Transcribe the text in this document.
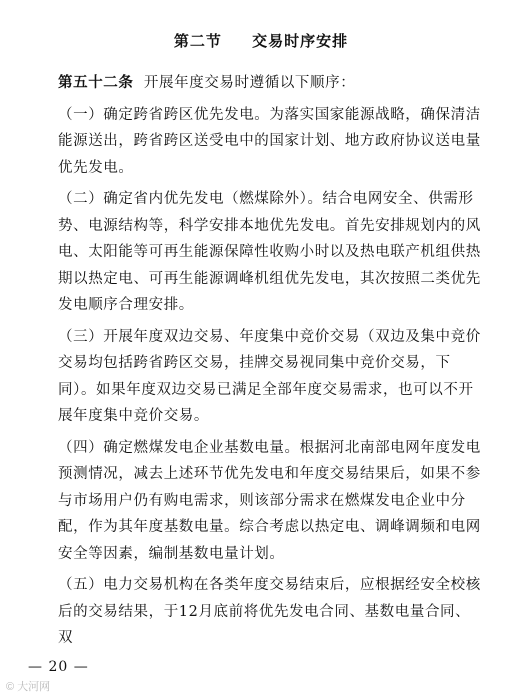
第二节 交易时序安排

第五十二条 开展年度交易时遵循以下顺序：

（一）确定跨省跨区优先发电。为落实国家能源战略，确保清洁能源送出，跨省跨区送受电中的国家计划、地方政府协议送电量优先发电。

（二）确定省内优先发电（燃煤除外）。结合电网安全、供需形势、电源结构等，科学安排本地优先发电。首先安排规划内的风电、太阳能等可再生能源保障性收购小时以及热电联产机组供热期以热定电、可再生能源调峰机组优先发电，其次按照二类优先发电顺序合理安排。

（三）开展年度双边交易、年度集中竞价交易（双边及集中竞价交易均包括跨省跨区交易，挂牌交易视同集中竞价交易，下同）。如果年度双边交易已满足全部年度交易需求，也可以不开展年度集中竞价交易。

（四）确定燃煤发电企业基数电量。根据河北南部电网年度发电预测情况，减去上述环节优先发电和年度交易结果后，如果不参与市场用户仍有购电需求，则该部分需求在燃煤发电企业中分配，作为其年度基数电量。综合考虑以热定电、调峰调频和电网安全等因素，编制基数电量计划。

（五）电力交易机构在各类年度交易结束后，应根据经安全校核后的交易结果，于12月底前将优先发电合同、基数电量合同、双

— 20 —
© 大河网
